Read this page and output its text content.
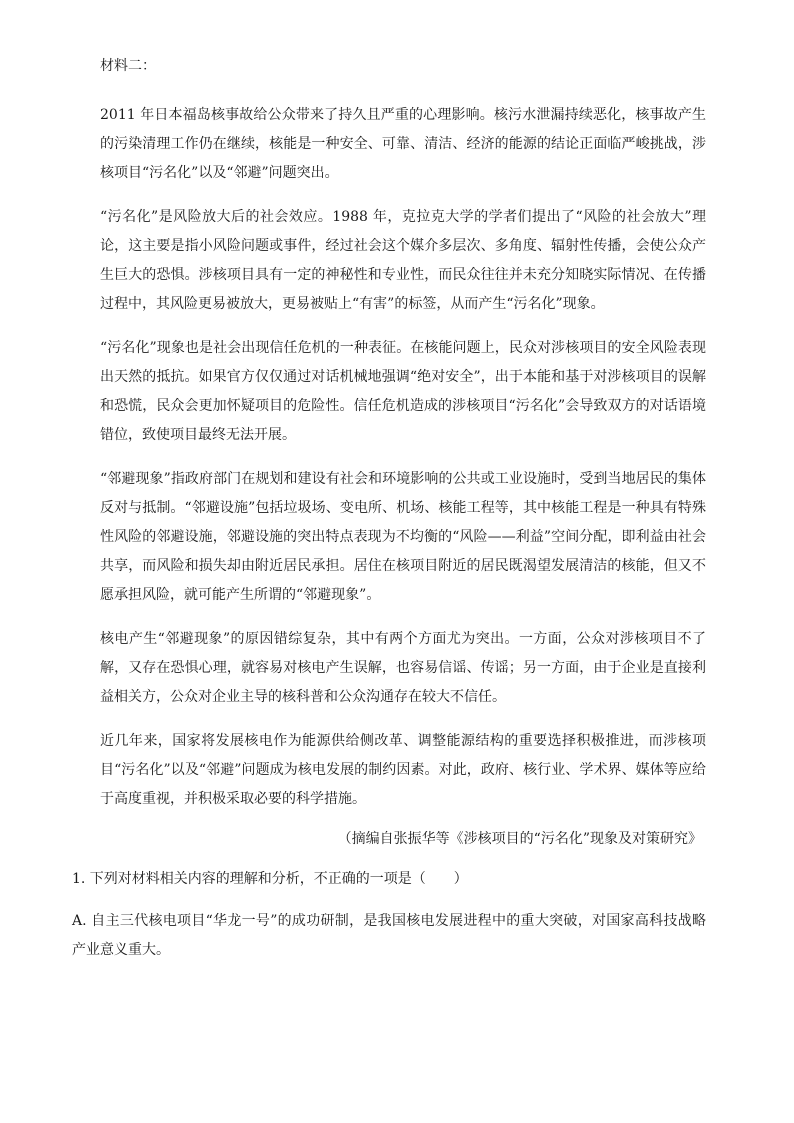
材料二：

2011 年日本福岛核事故给公众带来了持久且严重的心理影响。核污水泄漏持续恶化，核事故产生的污染清理工作仍在继续，核能是一种安全、可靠、清洁、经济的能源的结论正面临严峻挑战，涉核项目“污名化”以及“邻避”问题突出。

“污名化”是风险放大后的社会效应。1988 年，克拉克大学的学者们提出了“风险的社会放大”理论，这主要是指小风险问题或事件，经过社会这个媒介多层次、多角度、辐射性传播，会使公众产生巨大的恐惧。涉核项目具有一定的神秘性和专业性，而民众往往并未充分知晓实际情况、在传播过程中，其风险更易被放大，更易被贴上“有害”的标签，从而产生“污名化”现象。

“污名化”现象也是社会出现信任危机的一种表征。在核能问题上，民众对涉核项目的安全风险表现出天然的抵抗。如果官方仅仅通过对话机械地强调“绝对安全”，出于本能和基于对涉核项目的误解和恐慌，民众会更加怀疑项目的危险性。信任危机造成的涉核项目“污名化”会导致双方的对话语境错位，致使项目最终无法开展。

“邻避现象”指政府部门在规划和建设有社会和环境影响的公共或工业设施时，受到当地居民的集体反对与抵制。“邻避设施”包括垃圾场、变电所、机场、核能工程等，其中核能工程是一种具有特殊性风险的邻避设施，邻避设施的突出特点表现为不均衡的“风险——利益”空间分配，即利益由社会共享，而风险和损失却由附近居民承担。居住在核项目附近的居民既渴望发展清洁的核能，但又不愿承担风险，就可能产生所谓的“邻避现象”。

核电产生“邻避现象”的原因错综复杂，其中有两个方面尤为突出。一方面，公众对涉核项目不了解，又存在恐惧心理，就容易对核电产生误解，也容易信谣、传谣；另一方面，由于企业是直接利益相关方，公众对企业主导的核科普和公众沟通存在较大不信任。

近几年来，国家将发展核电作为能源供给侧改革、调整能源结构的重要选择积极推进，而涉核项目“污名化”以及“邻避”问题成为核电发展的制约因素。对此，政府、核行业、学术界、媒体等应给于高度重视，并积极采取必要的科学措施。

（摘编自张振华等《涉核项目的“污名化”现象及对策研究》
1. 下列对材料相关内容的理解和分析，不正确的一项是（　　）

A. 自主三代核电项目“华龙一号”的成功研制，是我国核电发展进程中的重大突破，对国家高科技战略产业意义重大。
